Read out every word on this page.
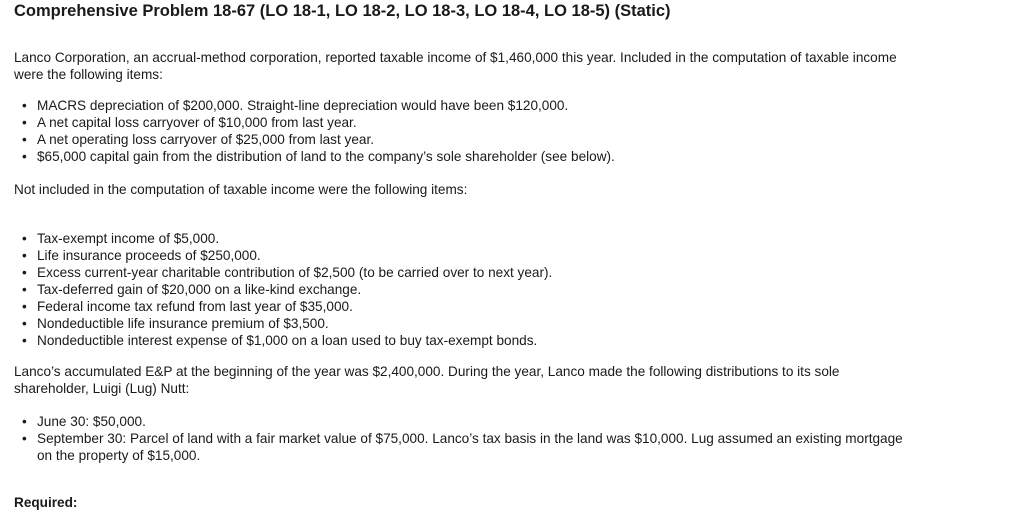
Comprehensive Problem 18-67 (LO 18-1, LO 18-2, LO 18-3, LO 18-4, LO 18-5) (Static)

Lanco Corporation, an accrual-method corporation, reported taxable income of $1,460,000 this year. Included in the computation of taxable income were the following items:

• MACRS depreciation of $200,000. Straight-line depreciation would have been $120,000.
• A net capital loss carryover of $10,000 from last year.
• A net operating loss carryover of $25,000 from last year.
• $65,000 capital gain from the distribution of land to the company’s sole shareholder (see below).

Not included in the computation of taxable income were the following items:

• Tax-exempt income of $5,000.
• Life insurance proceeds of $250,000.
• Excess current-year charitable contribution of $2,500 (to be carried over to next year).
• Tax-deferred gain of $20,000 on a like-kind exchange.
• Federal income tax refund from last year of $35,000.
• Nondeductible life insurance premium of $3,500.
• Nondeductible interest expense of $1,000 on a loan used to buy tax-exempt bonds.

Lanco’s accumulated E&P at the beginning of the year was $2,400,000. During the year, Lanco made the following distributions to its sole shareholder, Luigi (Lug) Nutt:

• June 30: $50,000.
• September 30: Parcel of land with a fair market value of $75,000. Lanco’s tax basis in the land was $10,000. Lug assumed an existing mortgage on the property of $15,000.

Required:
